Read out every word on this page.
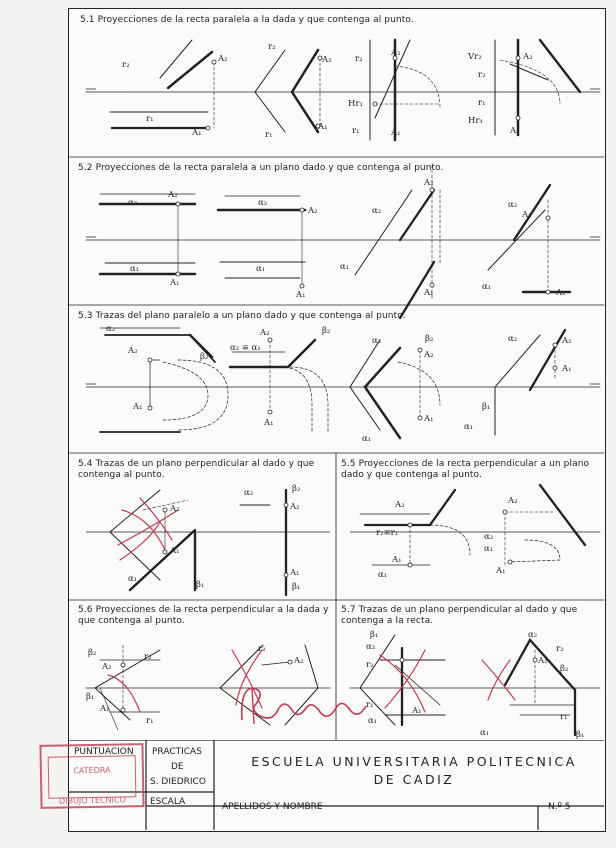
5.1 Proyecciones de la recta paralela a la dada y que contenga al punto.
5.2 Proyecciones de la recta paralela a un plano dado y que contenga al punto.
5.3 Trazas del plano paralelo a un plano dado y que contenga al punto.
5.4 Trazas de un plano perpendicular al dado y que contenga al punto.
5.5 Proyecciones de la recta perpendicular a un plano dado y que contenga al punto.
5.6 Proyecciones de la recta perpendicular a la dada y que contenga al punto.
5.7 Trazas de un plano perpendicular al dado y que contenga a la recta.
r₂
A₂
r₁
A₁
r₂
A₂
r₁
A₁
r₂
A₂
Hr₁
r₁	A₁
Vr₂
r₂
r₁
Hr₁
A₁
A₂
A₂
α₂
α₁
A₁
α₂
A₂
α₁
A₁
α₂
A₂
α₁
A₁
α₂
A₂
α₁
A₁
α₂
A₂
β₂
A₁
A₂
α₂ ≡ α₁
β₂
A₁
α₂	β₂
A₂
A₁
α₁
α₂	A₂
A₁
β₁
α₁
A₂
A₁
α₁
β₁
α₂	β₂
A₂
A₁
β₁
A₂
r₂≡r₁
A₁
α₁
A₂
α₂
α₁
A₁
β₂
A₂
r₂
β₁
A₁
r₁
r₂
A₂
β₁
α₂
r₂
r₁
A₁
α₁
α₂
r₂
A₂
β₂
r₁
α₁	β₁
PUNTUACION PRACTICAS
DE
S. DIEDRICO
ESCALA	APELLIDOS Y NOMBRE	N.º 5
ESCUELA UNIVERSITARIA POLITECNICA
DE CADIZ
CATEDRA
DIBUJO TECNICO
